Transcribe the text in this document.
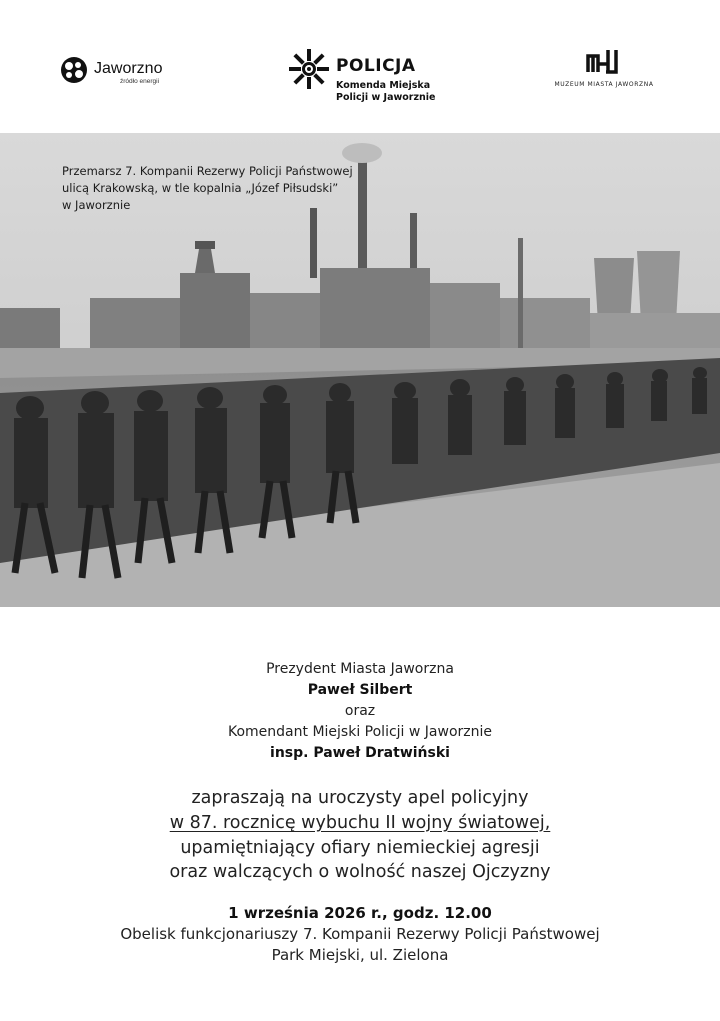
Jaworzno
źródło energii
POLICJA
Komenda Miejska
Policji w Jaworznie
MUZEUM MIASTA JAWORZNA
Przemarsz 7. Kompanii Rezerwy Policji Państwowej
ulicą Krakowską, w tle kopalnia „Józef Piłsudski”
w Jaworznie
Prezydent Miasta Jaworzna
Paweł Silbert
oraz
Komendant Miejski Policji w Jaworznie
insp. Paweł Dratwiński
zapraszają na uroczysty apel policyjny
w 87. rocznicę wybuchu II wojny światowej,
upamiętniający ofiary niemieckiej agresji
oraz walczących o wolność naszej Ojczyzny
1 września 2026 r., godz. 12.00
Obelisk funkcjonariuszy 7. Kompanii Rezerwy Policji Państwowej
Park Miejski, ul. Zielona
